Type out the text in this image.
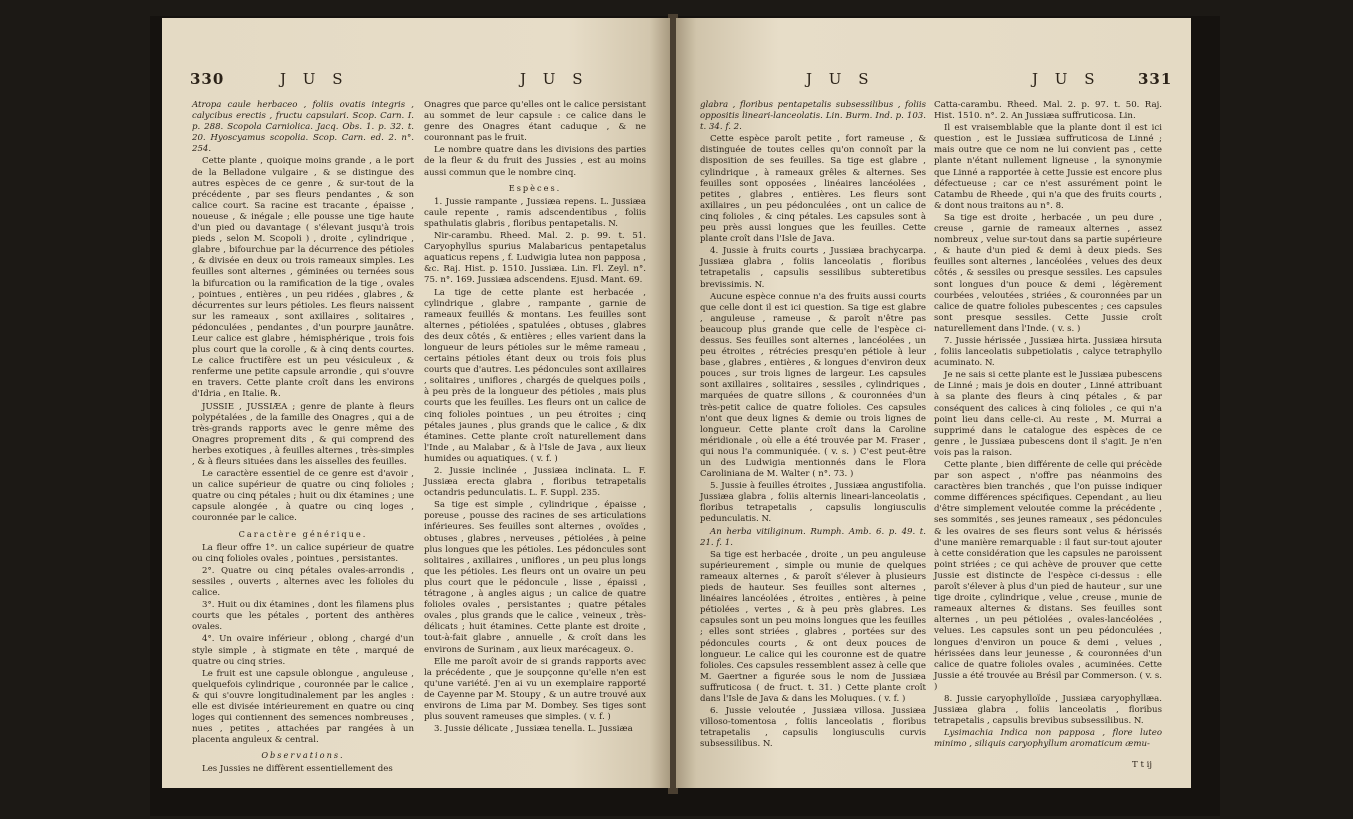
330	J U S	J U S

Atropa caule herbaceo , foliis ovatis integris , calycibus erectis , fructu capsulari. Scop. Carn. I. p. 288. Scopola Carniolica. Jacq. Obs. 1. p. 32. t. 20. Hyoscyamus scopolia. Scop. Carn. ed. 2. n°. 254.

Cette plante , quoique moins grande , a le port de la Belladone vulgaire , & se distingue des autres espèces de ce genre , & sur-tout de la précédente , par ses fleurs pendantes , & son calice court. Sa racine est tracante , épaisse , noueuse , & inégale ; elle pousse une tige haute d'un pied ou davantage ( s'élevant jusqu'à trois pieds , selon M. Scopoli ) , droite , cylindrique , glabre , bifourchue par la décurrence des pétioles , & divisée en deux ou trois rameaux simples. Les feuilles sont alternes , géminées ou ternées sous la bifurcation ou la ramification de la tige , ovales , pointues , entières , un peu ridées , glabres , & décurrentes sur leurs pétioles. Les fleurs naissent sur les rameaux , sont axillaires , solitaires , pédonculées , pendantes , d'un pourpre jaunâtre. Leur calice est glabre , hémisphérique , trois fois plus court que la corolle , & à cinq dents courtes. Le calice fructifère est un peu vésiculeux , & renferme une petite capsule arrondie , qui s'ouvre en travers. Cette plante croît dans les environs d'Idria , en Italie. ℞.

JUSSIE , JUSSIÆA ; genre de plante à fleurs polypétalées , de la famille des Onagres , qui a de très-grands rapports avec le genre même des Onagres proprement dits , & qui comprend des herbes exotiques , à feuilles alternes , très-simples , & à fleurs situées dans les aisselles des feuilles.

Le caractère essentiel de ce genre est d'avoir , un calice supérieur de quatre ou cinq folioles ; quatre ou cinq pétales ; huit ou dix étamines ; une capsule alongée , à quatre ou cinq loges , couronnée par le calice.

Caractère générique.

La fleur offre 1°. un calice supérieur de quatre ou cinq folioles ovales , pointues , persistantes.

2°. Quatre ou cinq pétales ovales-arrondis , sessiles , ouverts , alternes avec les folioles du calice.

3°. Huit ou dix étamines , dont les filamens plus courts que les pétales , portent des anthères ovales.

4°. Un ovaire inférieur , oblong , chargé d'un style simple , à stigmate en tête , marqué de quatre ou cinq stries.

Le fruit est une capsule oblongue , anguleuse , quelquefois cylindrique , couronnée par le calice , & qui s'ouvre longitudinalement par les angles : elle est divisée intérieurement en quatre ou cinq loges qui contiennent des semences nombreuses , nues , petites , attachées par rangées à un placenta anguleux & central.

Observations.

Les Jussies ne diffèrent essentiellement des

Onagres que parce qu'elles ont le calice persistant au sommet de leur capsule : ce calice dans le genre des Onagres étant caduque , & ne couronnant pas le fruit.

Le nombre quatre dans les divisions des parties de la fleur & du fruit des Jussies , est au moins aussi commun que le nombre cinq.

Espèces.

1. Jussie rampante , Jussiæa repens. L. Jussiæa caule repente , ramis adscendentibus , foliis spathulatis glabris , floribus pentapetalis. N.

Nir-carambu. Rheed. Mal. 2. p. 99. t. 51. Caryophyllus spurius Malabaricus pentapetalus aquaticus repens , f. Ludwigia lutea non papposa , &c. Raj. Hist. p. 1510. Jussiæa. Lin. Fl. Zeyl. n°. 75. n°. 169. Jussiæa adscendens. Ejusd. Mant. 69.

La tige de cette plante est herbacée , cylindrique , glabre , rampante , garnie de rameaux feuillés & montans. Les feuilles sont alternes , pétiolées , spatulées , obtuses , glabres des deux côtés , & entières ; elles varient dans la longueur de leurs pétioles sur le même rameau , certains pétioles étant deux ou trois fois plus courts que d'autres. Les pédoncules sont axillaires , solitaires , uniflores , chargés de quelques poils , à peu près de la longueur des pétioles , mais plus courts que les feuilles. Les fleurs ont un calice de cinq folioles pointues , un peu étroites ; cinq pétales jaunes , plus grands que le calice , & dix étamines. Cette plante croît naturellement dans l'Inde , au Malabar , & à l'Isle de Java , aux lieux humides ou aquatiques. ( v. f. )

2. Jussie inclinée , Jussiæa inclinata. L. F. Jussiæa erecta glabra , floribus tetrapetalis octandris pedunculatis. L. F. Suppl. 235.

Sa tige est simple , cylindrique , épaisse , poreuse , pousse des racines de ses articulations inférieures. Ses feuilles sont alternes , ovoïdes , obtuses , glabres , nerveuses , pétiolées , à peine plus longues que les pétioles. Les pédoncules sont solitaires , axillaires , uniflores , un peu plus longs que les pétioles. Les fleurs ont un ovaire un peu plus court que le pédoncule , lisse , épaissi , tétragone , à angles aigus ; un calice de quatre folioles ovales , persistantes ; quatre pétales ovales , plus grands que le calice , veineux , très-délicats ; huit étamines. Cette plante est droite , tout-à-fait glabre , annuelle , & croît dans les environs de Surinam , aux lieux marécageux. ⊙.

Elle me paroît avoir de si grands rapports avec la précédente , que je soupçonne qu'elle n'en est qu'une variété. J'en ai vu un exemplaire rapporté de Cayenne par M. Stoupy , & un autre trouvé aux environs de Lima par M. Dombey. Ses tiges sont plus souvent rameuses que simples. ( v. f. )

3. Jussie délicate , Jussiæa tenella. L. Jussiæa

J U S	J U S	331

glabra , floribus pentapetalis subsessilibus , foliis oppositis lineari-lanceolatis. Lin. Burm. Ind. p. 103. t. 34. f. 2.

Cette espèce paroît petite , fort rameuse , & distinguée de toutes celles qu'on connoît par la disposition de ses feuilles. Sa tige est glabre , cylindrique , à rameaux grêles & alternes. Ses feuilles sont opposées , linéaires lancéolées , petites , glabres , entières. Les fleurs sont axillaires , un peu pédonculées , ont un calice de cinq folioles , & cinq pétales. Les capsules sont à peu près aussi longues que les feuilles. Cette plante croît dans l'Isle de Java.

4. Jussie à fruits courts , Jussiæa brachycarpa. Jussiæa glabra , foliis lanceolatis , floribus tetrapetalis , capsulis sessilibus subteretibus brevissimis. N.

Aucune espèce connue n'a des fruits aussi courts que celle dont il est ici question. Sa tige est glabre , anguleuse , rameuse , & paroît n'être pas beaucoup plus grande que celle de l'espèce ci-dessus. Ses feuilles sont alternes , lancéolées , un peu étroites , rétrécies presqu'en pétiole à leur base , glabres , entières , & longues d'environ deux pouces , sur trois lignes de largeur. Les capsules sont axillaires , solitaires , sessiles , cylindriques , marquées de quatre sillons , & couronnées d'un très-petit calice de quatre folioles. Ces capsules n'ont que deux lignes & demie ou trois lignes de longueur. Cette plante croît dans la Caroline méridionale , où elle a été trouvée par M. Fraser , qui nous l'a communiquée. ( v. s. ) C'est peut-être un des Ludwigia mentionnés dans le Flora Caroliniana de M. Walter ( n°. 73. )

5. Jussie à feuilles étroites , Jussiæa angustifolia. Jussiæa glabra , foliis alternis lineari-lanceolatis , floribus tetrapetalis , capsulis longiusculis pedunculatis. N.

An herba vitiliginum. Rumph. Amb. 6. p. 49. t. 21. f. 1.

Sa tige est herbacée , droite , un peu anguleuse supérieurement , simple ou munie de quelques rameaux alternes , & paroît s'élever à plusieurs pieds de hauteur. Ses feuilles sont alternes , linéaires lancéolées , étroites , entières , à peine pétiolées , vertes , & à peu près glabres. Les capsules sont un peu moins longues que les feuilles ; elles sont striées , glabres , portées sur des pédoncules courts , & ont deux pouces de longueur. Le calice qui les couronne est de quatre folioles. Ces capsules ressemblent assez à celle que M. Gaertner a figurée sous le nom de Jussiæa suffruticosa ( de fruct. t. 31. ) Cette plante croît dans l'Isle de Java & dans les Moluques. ( v. f. )

6. Jussie veloutée , Jussiæa villosa. Jussiæa villoso-tomentosa , foliis lanceolatis , floribus tetrapetalis , capsulis longiusculis curvis subsessilibus. N.

Catta-carambu. Rheed. Mal. 2. p. 97. t. 50. Raj. Hist. 1510. n°. 2. An Jussiæa suffruticosa. Lin.

Il est vraisemblable que la plante dont il est ici question , est le Jussiæa suffruticosa de Linné ; mais outre que ce nom ne lui convient pas , cette plante n'étant nullement ligneuse , la synonymie que Linné a rapportée à cette Jussie est encore plus défectueuse ; car ce n'est assurément point le Catambu de Rheede , qui n'a que des fruits courts , & dont nous traitons au n°. 8.

Sa tige est droite , herbacée , un peu dure , creuse , garnie de rameaux alternes , assez nombreux , velue sur-tout dans sa partie supérieure , & haute d'un pied & demi à deux pieds. Ses feuilles sont alternes , lancéolées , velues des deux côtés , & sessiles ou presque sessiles. Les capsules sont longues d'un pouce & demi , légèrement courbées , veloutées , striées , & couronnées par un calice de quatre folioles pubescentes ; ces capsules sont presque sessiles. Cette Jussie croît naturellement dans l'Inde. ( v. s. )

7. Jussie hérissée , Jussiæa hirta. Jussiæa hirsuta , foliis lanceolatis subpetiolatis , calyce tetraphyllo acuminato. N.

Je ne sais si cette plante est le Jussiæa pubescens de Linné ; mais je dois en douter , Linné attribuant à sa plante des fleurs à cinq pétales , & par conséquent des calices à cinq folioles , ce qui n'a point lieu dans celle-ci. Au reste , M. Murrai a supprimé dans le catalogue des espèces de ce genre , le Jussiæa pubescens dont il s'agit. Je n'en vois pas la raison.

Cette plante , bien différente de celle qui précède par son aspect , n'offre pas néanmoins des caractères bien tranchés , que l'on puisse indiquer comme différences spécifiques. Cependant , au lieu d'être simplement veloutée comme la précédente , ses sommités , ses jeunes rameaux , ses pédoncules & les ovaires de ses fleurs sont velus & hérissés d'une manière remarquable : il faut sur-tout ajouter à cette considération que les capsules ne paroissent point striées ; ce qui achève de prouver que cette Jussie est distincte de l'espèce ci-dessus : elle paroît s'élever à plus d'un pied de hauteur , sur une tige droite , cylindrique , velue , creuse , munie de rameaux alternes & distans. Ses feuilles sont alternes , un peu pétiolées , ovales-lancéolées , velues. Les capsules sont un peu pédonculées , longues d'environ un pouce & demi , velues , hérissées dans leur jeunesse , & couronnées d'un calice de quatre folioles ovales , acuminées. Cette Jussie a été trouvée au Brésil par Commerson. ( v. s. )

8. Jussie caryophylloïde , Jussiæa caryophyllæa. Jussiæa glabra , foliis lanceolatis , floribus tetrapetalis , capsulis brevibus subsessilibus. N.

Lysimachia Indica non papposa , flore luteo minimo , siliquis caryophyllum aromaticum æmu-

T t ij
